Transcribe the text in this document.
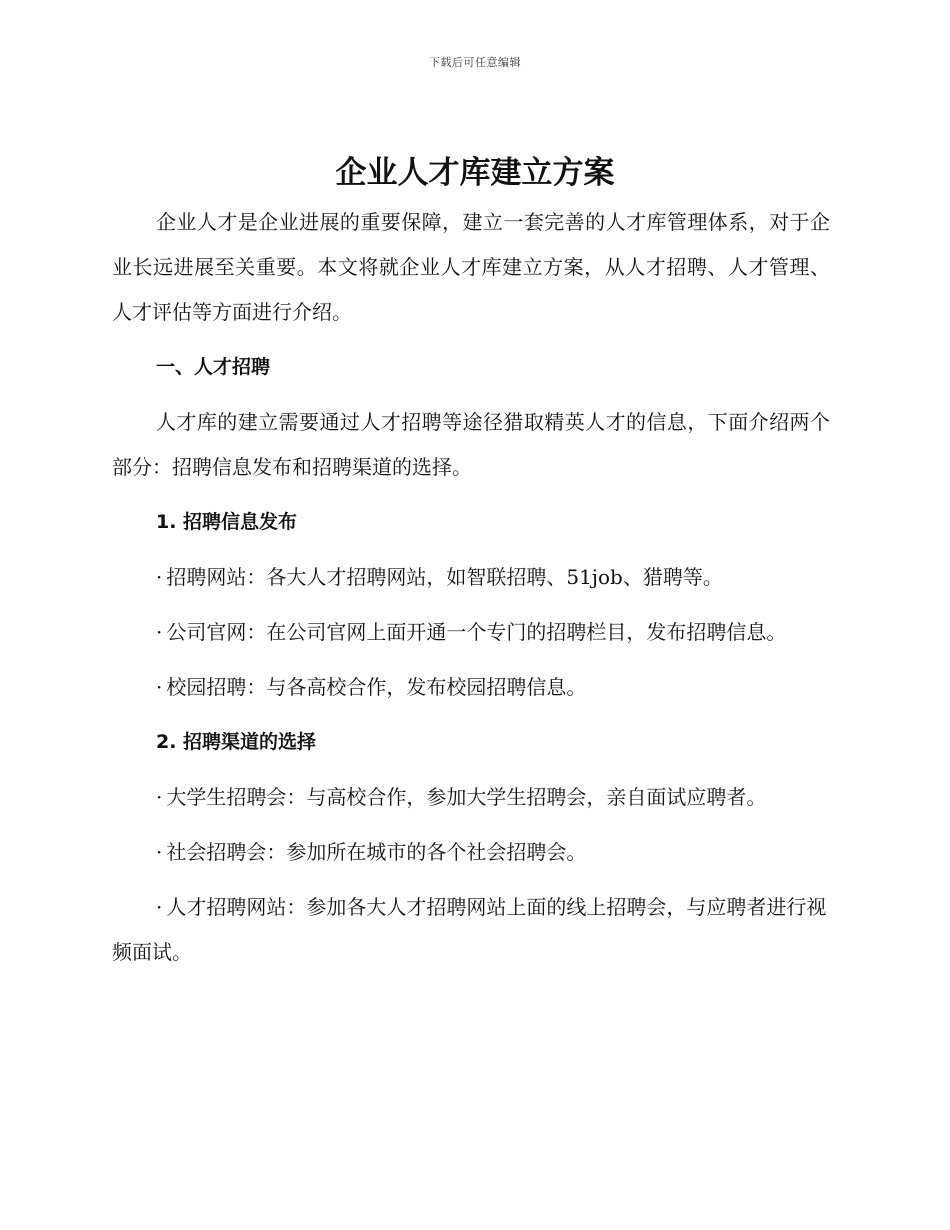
下载后可任意编辑
企业人才库建立方案

企业人才是企业进展的重要保障，建立一套完善的人才库管理体系，对于企业长远进展至关重要。本文将就企业人才库建立方案，从人才招聘、人才管理、人才评估等方面进行介绍。

一、人才招聘

人才库的建立需要通过人才招聘等途径猎取精英人才的信息，下面介绍两个部分：招聘信息发布和招聘渠道的选择。

1. 招聘信息发布

· 招聘网站：各大人才招聘网站，如智联招聘、51job、猎聘等。

· 公司官网：在公司官网上面开通一个专门的招聘栏目，发布招聘信息。

· 校园招聘：与各高校合作，发布校园招聘信息。

2. 招聘渠道的选择

· 大学生招聘会：与高校合作，参加大学生招聘会，亲自面试应聘者。

· 社会招聘会：参加所在城市的各个社会招聘会。

· 人才招聘网站：参加各大人才招聘网站上面的线上招聘会，与应聘者进行视频面试。
